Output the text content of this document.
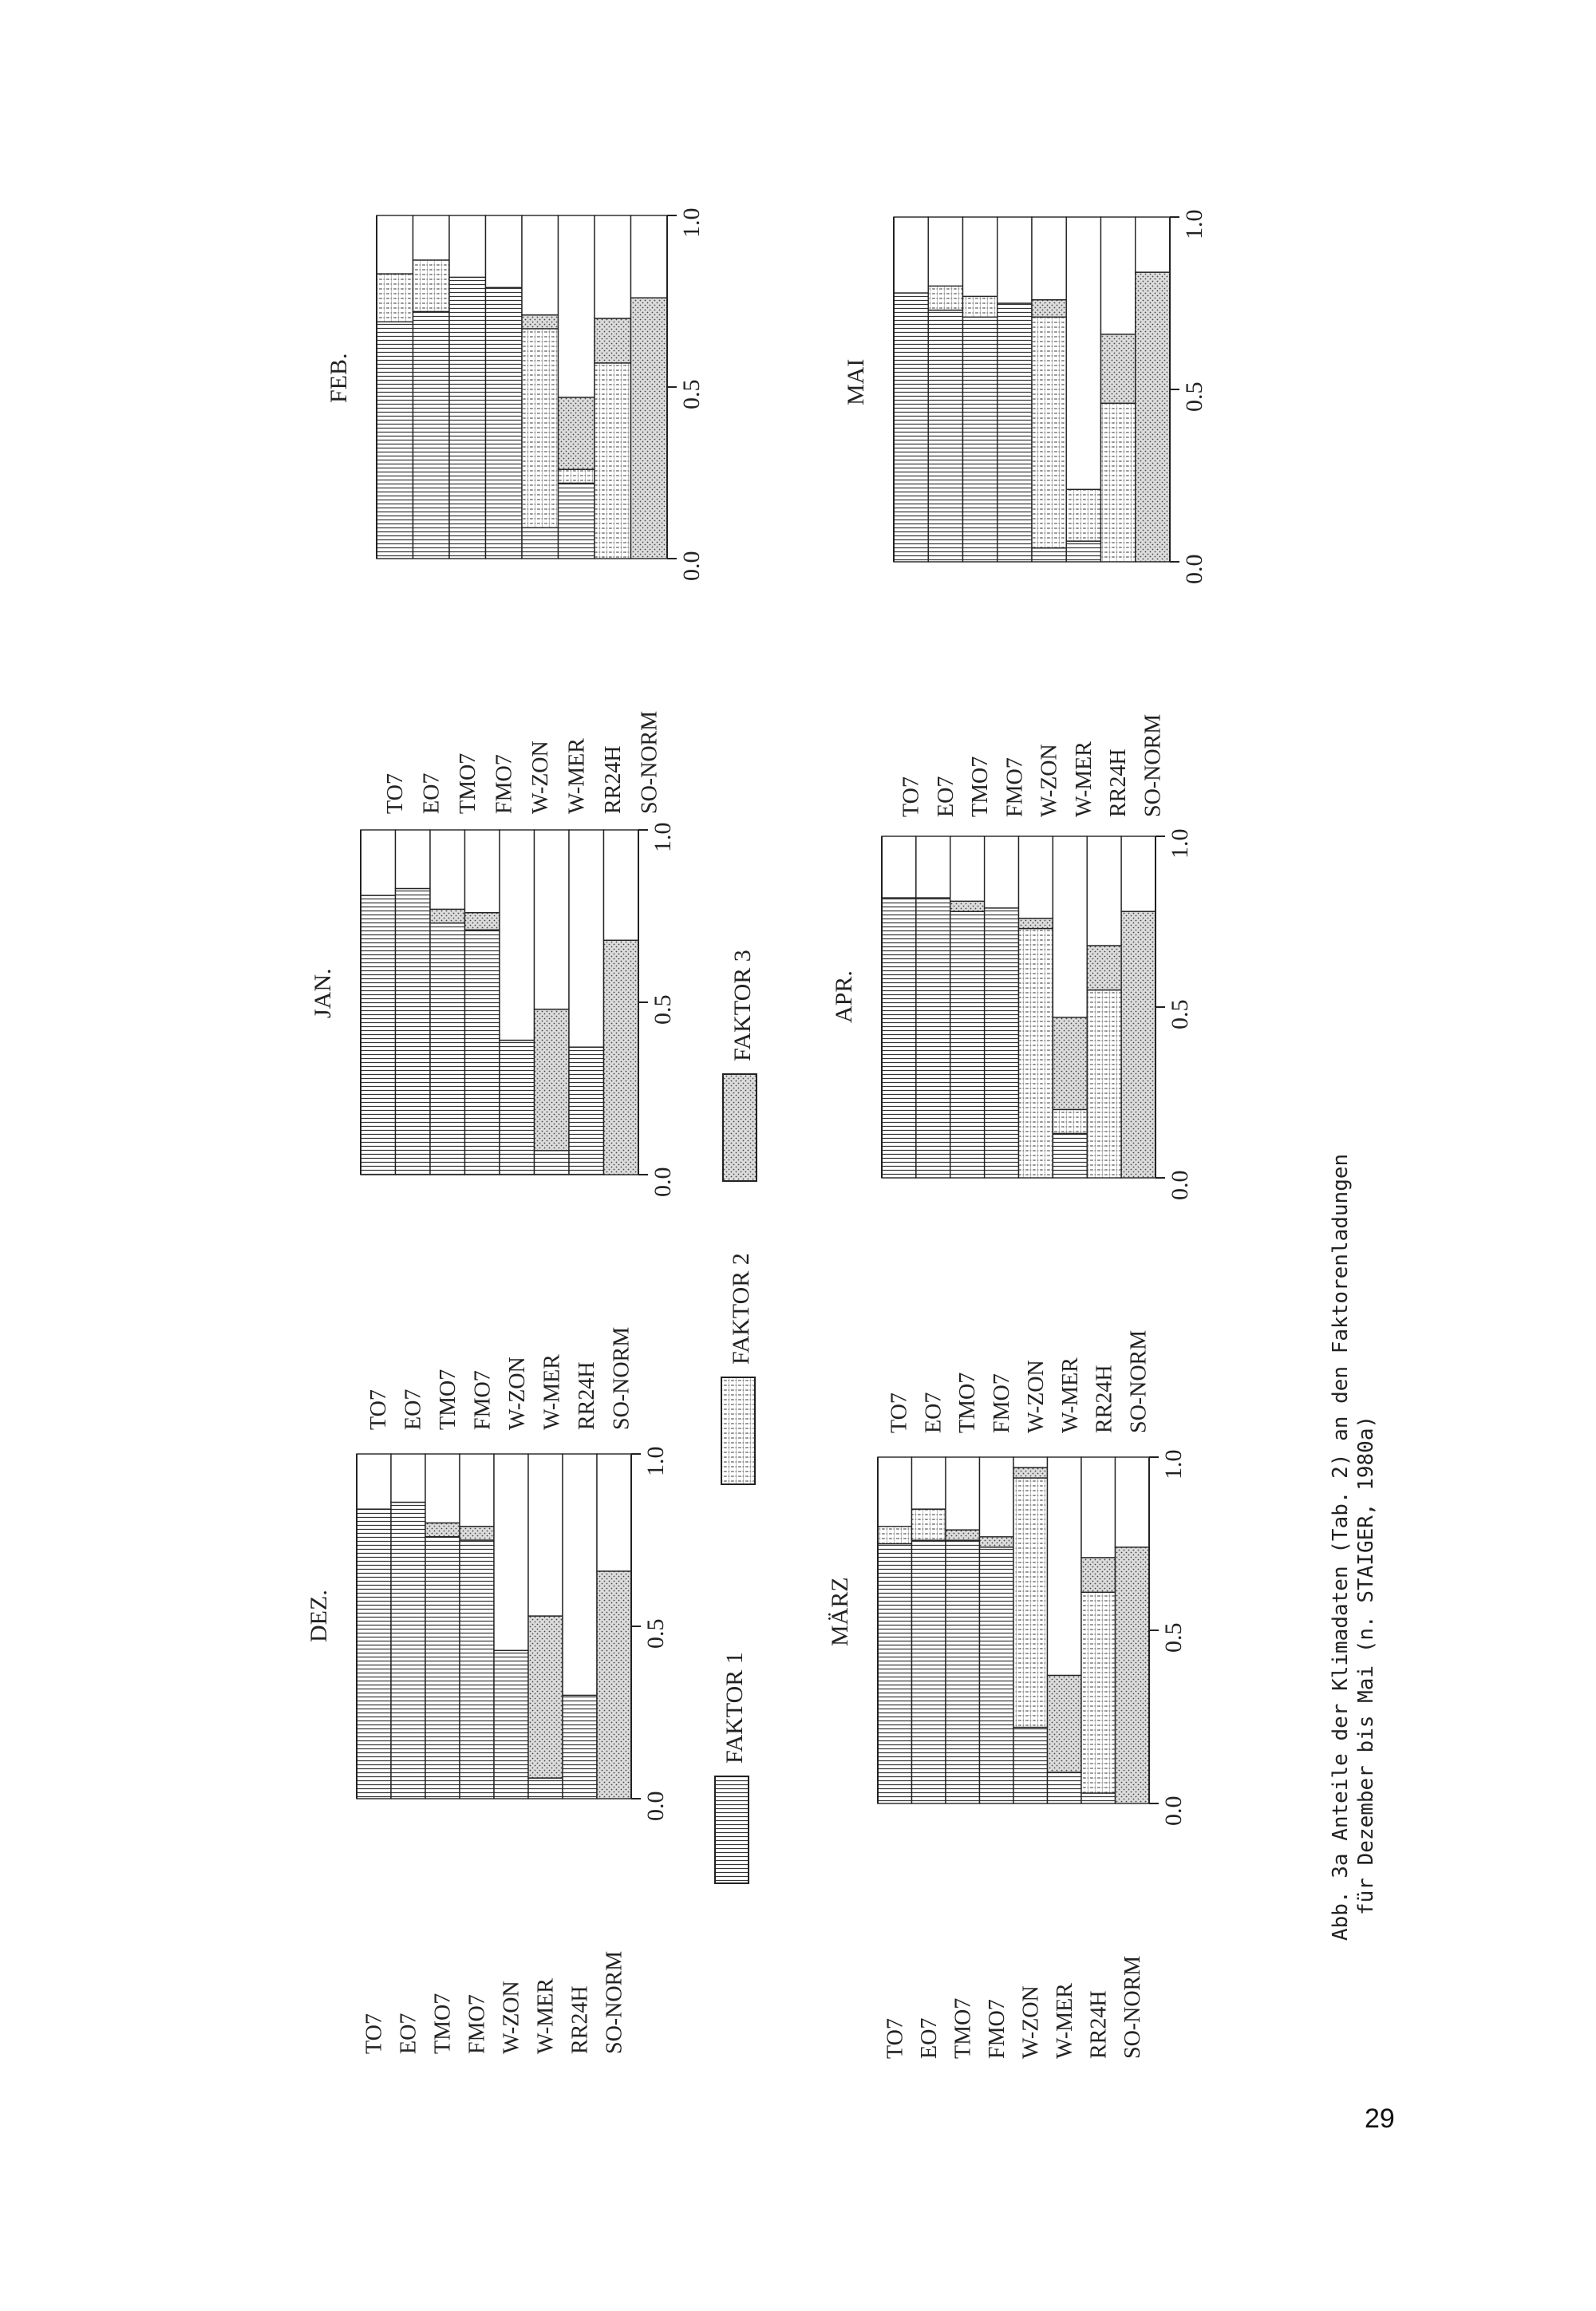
DEZ.
TO7 EO7 TMO7 FMO7 W-ZON W-MER RR24H SO-NORM
0.0
0.5
1.0
JAN.
TO7 EO7 TMO7 FMO7 W-ZON W-MER RR24H SO-NORM
0.0
0.5
1.0
FEB.
TO7 EO7 TMO7 FMO7 W-ZON W-MER RR24H SO-NORM
0.0
0.5
1.0
MÄRZ
TO7 EO7 TMO7 FMO7 W-ZON W-MER RR24H SO-NORM
0.0
0.5
1.0
APR.
TO7 EO7 TMO7 FMO7 W-ZON W-MER RR24H SO-NORM
0.0
0.5
1.0
MAI
TO7 EO7 TMO7 FMO7 W-ZON W-MER RR24H SO-NORM
0.0
0.5
1.0
FAKTOR 1
FAKTOR 2
FAKTOR 3
Abb. 3a Anteile der Klimadaten (Tab. 2) an den Faktorenladungen für Dezember bis Mai (n. STAIGER, 1980a)
29
